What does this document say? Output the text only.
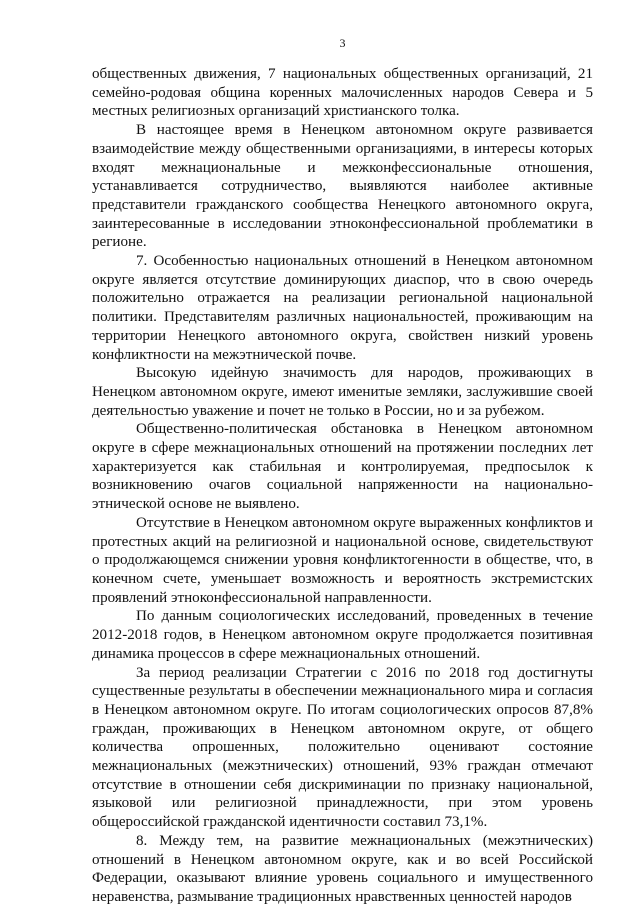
3

общественных движения, 7 национальных общественных организаций, 21 семейно-родовая община коренных малочисленных народов Севера и 5 местных религиозных организаций христианского толка.

В настоящее время в Ненецком автономном округе развивается взаимодействие между общественными организациями, в интересы которых входят межнациональные и межконфессиональные отношения, устанавливается сотрудничество, выявляются наиболее активные представители гражданского сообщества Ненецкого автономного округа, заинтересованные в исследовании этноконфессиональной проблематики в регионе.

7. Особенностью национальных отношений в Ненецком автономном округе является отсутствие доминирующих диаспор, что в свою очередь положительно отражается на реализации региональной национальной политики. Представителям различных национальностей, проживающим на территории Ненецкого автономного округа, свойствен низкий уровень конфликтности на межэтнической почве.

Высокую идейную значимость для народов, проживающих в Ненецком автономном округе, имеют именитые земляки, заслужившие своей деятельностью уважение и почет не только в России, но и за рубежом.

Общественно-политическая обстановка в Ненецком автономном округе в сфере межнациональных отношений на протяжении последних лет характеризуется как стабильная и контролируемая, предпосылок к возникновению очагов социальной напряженности на национально-этнической основе не выявлено.

Отсутствие в Ненецком автономном округе выраженных конфликтов и протестных акций на религиозной и национальной основе, свидетельствуют о продолжающемся снижении уровня конфликтогенности в обществе, что, в конечном счете, уменьшает возможность и вероятность экстремистских проявлений этноконфессиональной направленности.

По данным социологических исследований, проведенных в течение 2012-2018 годов, в Ненецком автономном округе продолжается позитивная динамика процессов в сфере межнациональных отношений.

За период реализации Стратегии с 2016 по 2018 год достигнуты существенные результаты в обеспечении межнационального мира и согласия в Ненецком автономном округе. По итогам социологических опросов 87,8% граждан, проживающих в Ненецком автономном округе, от общего количества опрошенных, положительно оценивают состояние межнациональных (межэтнических) отношений, 93% граждан отмечают отсутствие в отношении себя дискриминации по признаку национальной, языковой или религиозной принадлежности, при этом уровень общероссийской гражданской идентичности составил 73,1%.

8. Между тем, на развитие межнациональных (межэтнических) отношений в Ненецком автономном округе, как и во всей Российской Федерации, оказывают влияние уровень социального и имущественного неравенства, размывание традиционных нравственных ценностей народов
